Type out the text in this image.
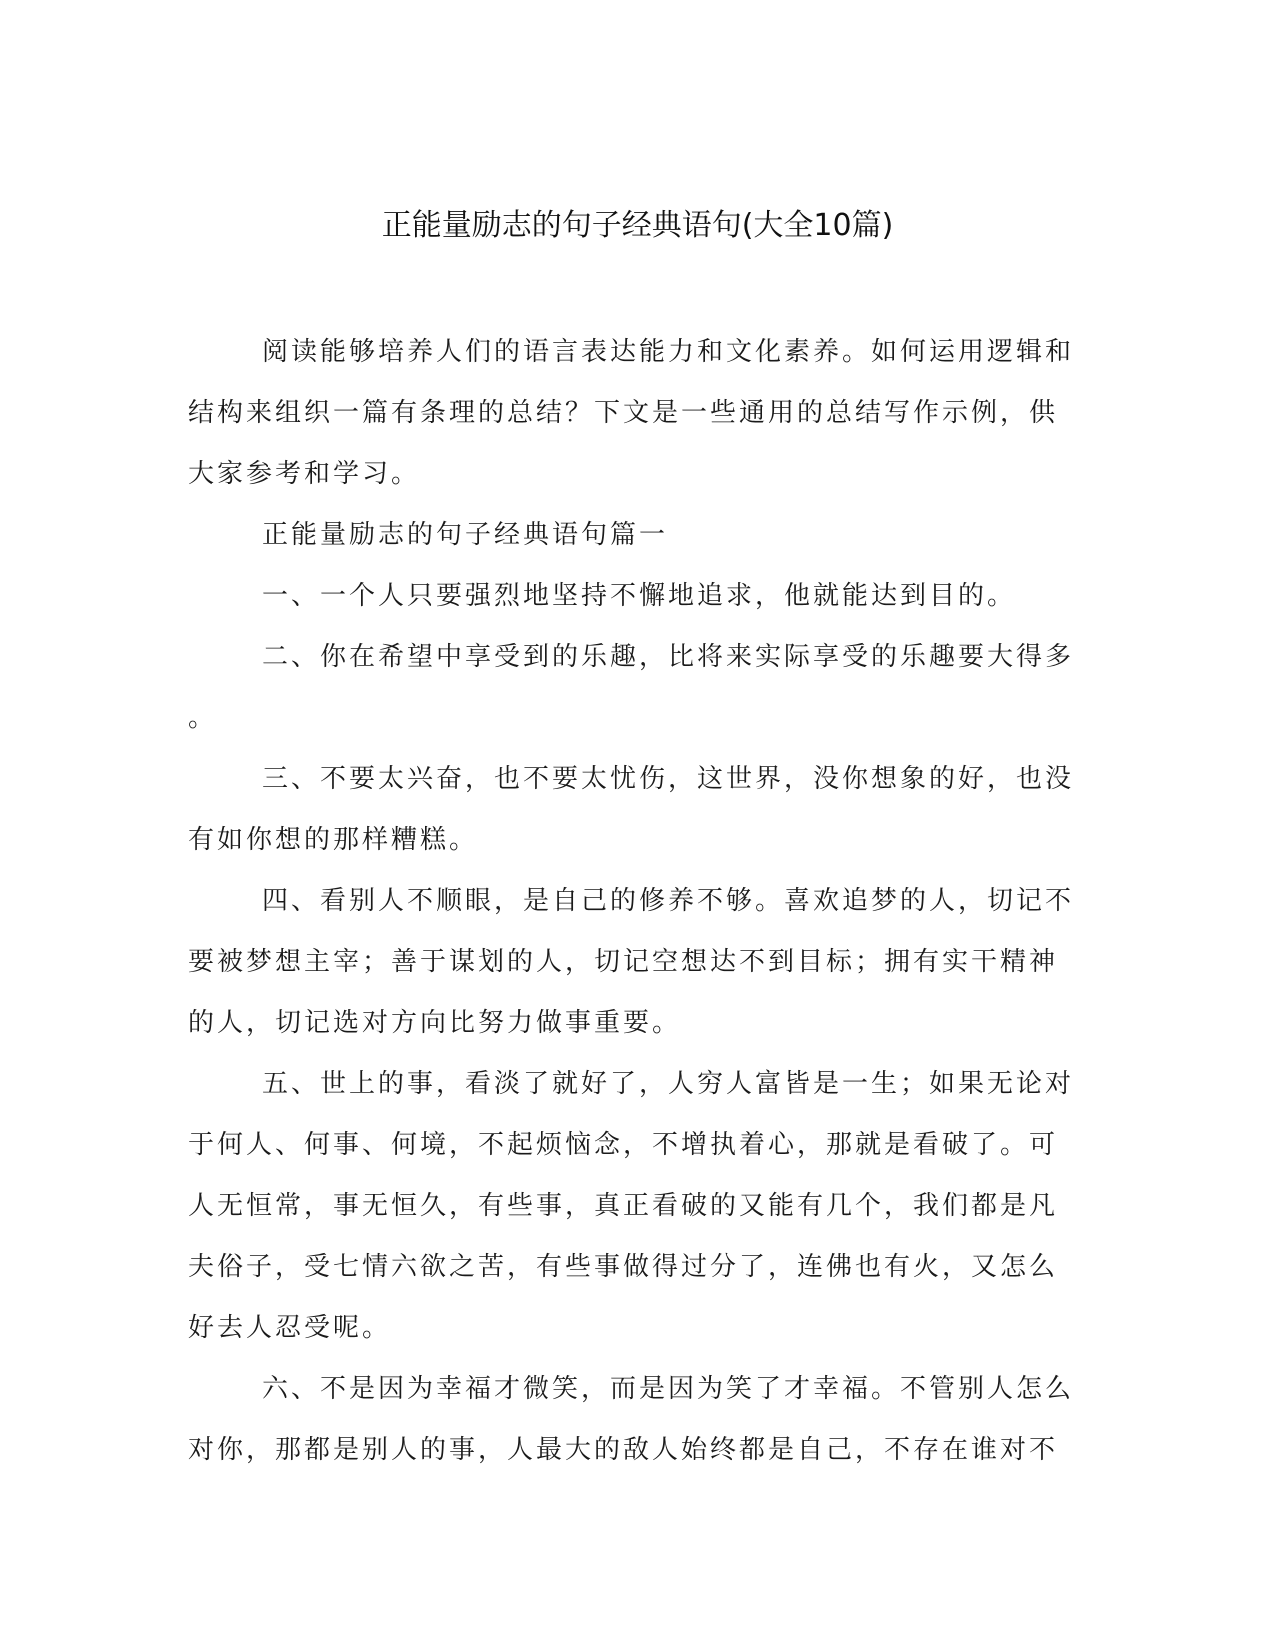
正能量励志的句子经典语句(大全10篇)
阅读能够培养人们的语言表达能力和文化素养。如何运用逻辑和
结构来组织一篇有条理的总结？下文是一些通用的总结写作示例，供
大家参考和学习。
正能量励志的句子经典语句篇一
一、一个人只要强烈地坚持不懈地追求，他就能达到目的。
二、你在希望中享受到的乐趣，比将来实际享受的乐趣要大得多
。
三、不要太兴奋，也不要太忧伤，这世界，没你想象的好，也没
有如你想的那样糟糕。
四、看别人不顺眼，是自己的修养不够。喜欢追梦的人，切记不
要被梦想主宰；善于谋划的人，切记空想达不到目标；拥有实干精神
的人，切记选对方向比努力做事重要。
五、世上的事，看淡了就好了，人穷人富皆是一生；如果无论对
于何人、何事、何境，不起烦恼念，不增执着心，那就是看破了。可
人无恒常，事无恒久，有些事，真正看破的又能有几个，我们都是凡
夫俗子，受七情六欲之苦，有些事做得过分了，连佛也有火，又怎么
好去人忍受呢。
六、不是因为幸福才微笑，而是因为笑了才幸福。不管别人怎么
对你，那都是别人的事，人最大的敌人始终都是自己，不存在谁对不
